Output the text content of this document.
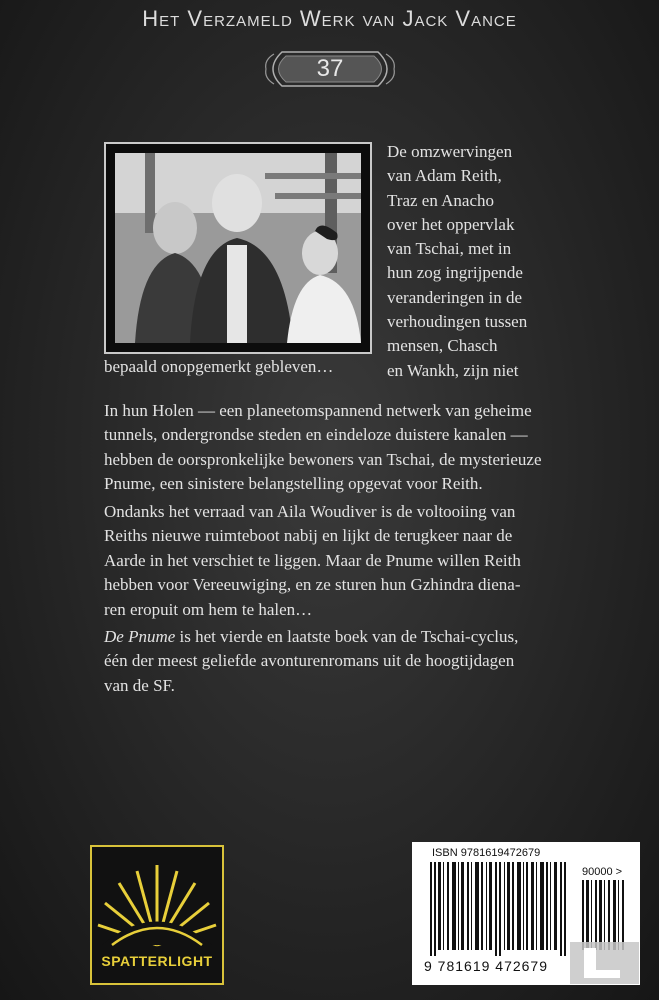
Het Verzameld Werk van Jack Vance
37
De omzwervingen
van Adam Reith,
Traz en Anacho
over het oppervlak
van Tschai, met in
hun zog ingrijpende
veranderingen in de
verhoudingen tussen
mensen, Chasch
en Wankh, zijn niet
bepaald onopgemerkt gebleven…
In hun Holen — een planeetomspannend netwerk van geheime
tunnels, ondergrondse steden en eindeloze duistere kanalen —
hebben de oorspronkelijke bewoners van Tschai, de mysterieuze
Pnume, een sinistere belangstelling opgevat voor Reith.
Ondanks het verraad van Aila Woudiver is de voltooiing van
Reiths nieuwe ruimteboot nabij en lijkt de terugkeer naar de
Aarde in het verschiet te liggen. Maar de Pnume willen Reith
hebben voor Vereeuwiging, en ze sturen hun Gzhindra diena-
ren eropuit om hem te halen…
De Pnume is het vierde en laatste boek van de Tschai-cyclus,
één der meest geliefde avonturenromans uit de hoogtijdagen
van de SF.
SPATTERLIGHT
ISBN 9781619472679
90000 >
9 781619 472679
